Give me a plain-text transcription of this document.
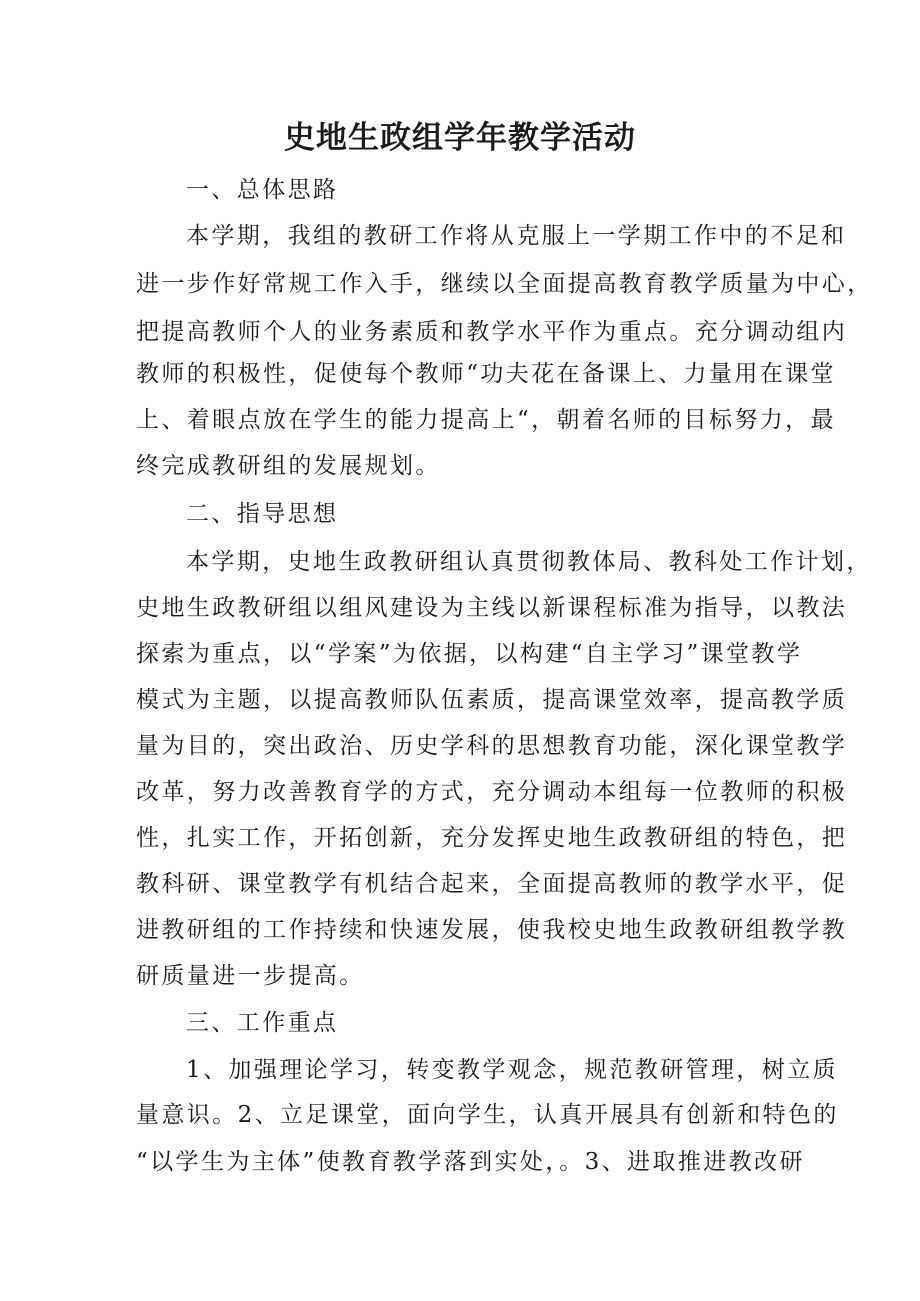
史地生政组学年教学活动
一、总体思路
本学期，我组的教研工作将从克服上一学期工作中的不足和
进一步作好常规工作入手，继续以全面提高教育教学质量为中心，
把提高教师个人的业务素质和教学水平作为重点。充分调动组内
教师的积极性，促使每个教师“功夫花在备课上、力量用在课堂
上、着眼点放在学生的能力提高上“，朝着名师的目标努力，最
终完成教研组的发展规划。
二、指导思想
本学期，史地生政教研组认真贯彻教体局、教科处工作计划，
史地生政教研组以组风建设为主线以新课程标准为指导，以教法
探索为重点，以“学案”为依据，以构建“自主学习”课堂教学
模式为主题，以提高教师队伍素质，提高课堂效率，提高教学质
量为目的，突出政治、历史学科的思想教育功能，深化课堂教学
改革，努力改善教育学的方式，充分调动本组每一位教师的积极
性，扎实工作，开拓创新，充分发挥史地生政教研组的特色，把
教科研、课堂教学有机结合起来，全面提高教师的教学水平，促
进教研组的工作持续和快速发展，使我校史地生政教研组教学教
研质量进一步提高。
三、工作重点
1、加强理论学习，转变教学观念，规范教研管理，树立质
量意识。2、立足课堂，面向学生，认真开展具有创新和特色的
“以学生为主体”使教育教学落到实处，。3、进取推进教改研
